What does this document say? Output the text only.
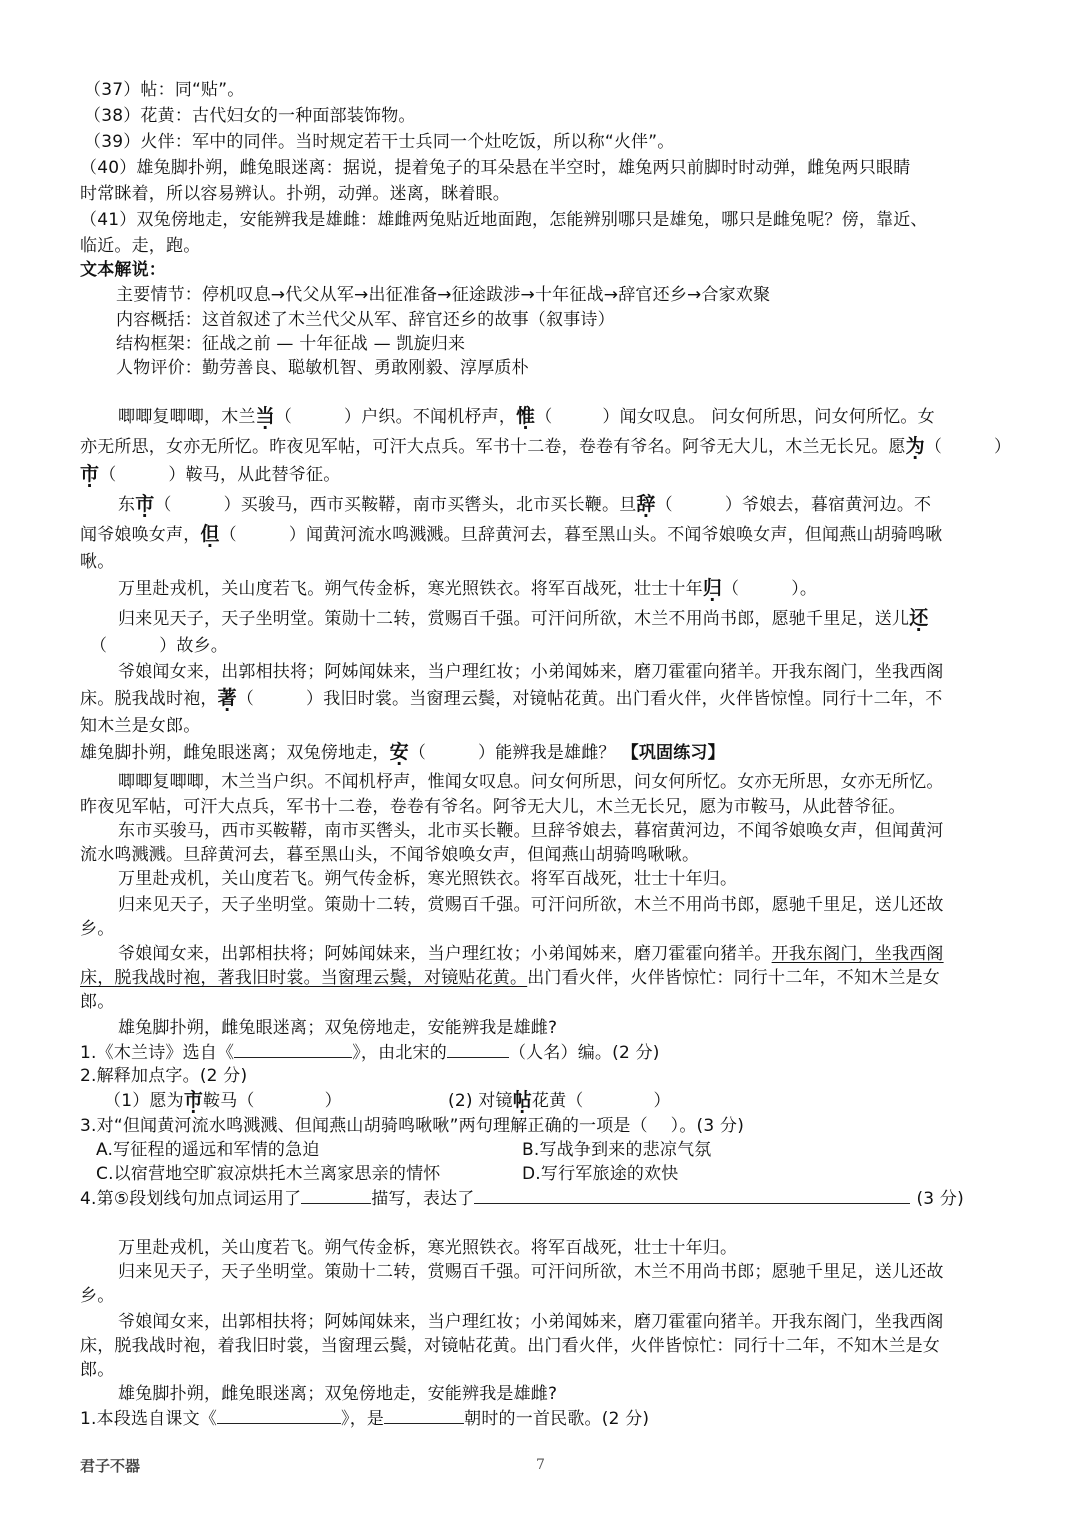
（37）帖：同“贴”。
（38）花黄：古代妇女的一种面部装饰物。
（39）火伴：军中的同伴。当时规定若干士兵同一个灶吃饭，所以称“火伴”。
（40）雄兔脚扑朔，雌兔眼迷离：据说，提着兔子的耳朵悬在半空时，雄兔两只前脚时时动弹，雌兔两只眼睛
时常眯着，所以容易辨认。扑朔，动弹。迷离，眯着眼。
（41）双兔傍地走，安能辨我是雄雌：雄雌两兔贴近地面跑，怎能辨别哪只是雄兔，哪只是雌兔呢？傍，靠近、
临近。走，跑。
文本解说：
主要情节：停机叹息→代父从军→出征准备→征途跋涉→十年征战→辞官还乡→合家欢聚
内容概括：这首叙述了木兰代父从军、辞官还乡的故事（叙事诗）
结构框架：征战之前 — 十年征战 — 凯旋归来
人物评价：勤劳善良、聪敏机智、勇敢刚毅、淳厚质朴
唧唧复唧唧，木兰当（	）户织。不闻机杼声，惟（	）闻女叹息。 问女何所思，问女何所忆。女
亦无所思，女亦无所忆。昨夜见军帖，可汗大点兵。军书十二卷，卷卷有爷名。阿爷无大儿，木兰无长兄。愿为（	）
市（	）鞍马，从此替爷征。
东市（	）买骏马，西市买鞍鞯，南市买辔头，北市买长鞭。旦辞（	）爷娘去，暮宿黄河边。不
闻爷娘唤女声，但（	）闻黄河流水鸣溅溅。旦辞黄河去，暮至黑山头。不闻爷娘唤女声，但闻燕山胡骑鸣啾
啾。
万里赴戎机，关山度若飞。朔气传金柝，寒光照铁衣。将军百战死，壮士十年归（	）。
归来见天子，天子坐明堂。策勋十二转，赏赐百千强。可汗问所欲，木兰不用尚书郎，愿驰千里足，送儿还
（	）故乡。
爷娘闻女来，出郭相扶将；阿姊闻妹来，当户理红妆；小弟闻姊来，磨刀霍霍向猪羊。开我东阁门，坐我西阁
床。脱我战时袍，著（	）我旧时裳。当窗理云鬓，对镜帖花黄。出门看火伴，火伴皆惊惶。同行十二年，不
知木兰是女郎。
雄兔脚扑朔，雌兔眼迷离；双兔傍地走，安（	）能辨我是雄雌？ 【巩固练习】
唧唧复唧唧，木兰当户织。不闻机杼声，惟闻女叹息。问女何所思，问女何所忆。女亦无所思，女亦无所忆。
昨夜见军帖，可汗大点兵，军书十二卷，卷卷有爷名。阿爷无大儿，木兰无长兄，愿为市鞍马，从此替爷征。
东市买骏马，西市买鞍鞯，南市买辔头，北市买长鞭。旦辞爷娘去，暮宿黄河边，不闻爷娘唤女声，但闻黄河
流水鸣溅溅。旦辞黄河去，暮至黑山头，不闻爷娘唤女声，但闻燕山胡骑鸣啾啾。
万里赴戎机，关山度若飞。朔气传金柝，寒光照铁衣。将军百战死，壮士十年归。
归来见天子，天子坐明堂。策勋十二转，赏赐百千强。可汗问所欲，木兰不用尚书郎，愿驰千里足，送儿还故
乡。
爷娘闻女来，出郭相扶将；阿姊闻妹来，当户理红妆；小弟闻姊来，磨刀霍霍向猪羊。开我东阁门，坐我西阁
床，脱我战时袍，著我旧时裳。当窗理云鬓，对镜贴花黄。出门看火伴，火伴皆惊忙：同行十二年，不知木兰是女
郎。
雄兔脚扑朔，雌兔眼迷离；双兔傍地走，安能辨我是雄雌?
1.《木兰诗》选自《	》，由北宋的	（人名）编。(2 分)
2.解释加点字。(2 分)
（1）愿为市鞍马（	）	(2) 对镜帖花黄（	）
3.对“但闻黄河流水鸣溅溅、但闻燕山胡骑鸣啾啾”两句理解正确的一项是（　 ）。(3 分)
A.写征程的遥远和军情的急迫	B.写战争到来的悲凉气氛
C.以宿营地空旷寂凉烘托木兰离家思亲的情怀	D.写行军旅途的欢快
4.第⑤段划线句加点词运用了	描写，表达了	(3 分)
万里赴戎机，关山度若飞。朔气传金柝，寒光照铁衣。将军百战死，壮士十年归。
归来见天子，天子坐明堂。策勋十二转，赏赐百千强。可汗问所欲，木兰不用尚书郎；愿驰千里足，送儿还故
乡。
爷娘闻女来，出郭相扶将；阿姊闻妹来，当户理红妆；小弟闻姊来，磨刀霍霍向猪羊。开我东阁门，坐我西阁
床，脱我战时袍，着我旧时裳，当窗理云鬓，对镜帖花黄。出门看火伴，火伴皆惊忙：同行十二年，不知木兰是女
郎。
雄兔脚扑朔，雌兔眼迷离；双兔傍地走，安能辨我是雄雌?
1.本段选自课文《	》，是	朝时的一首民歌。(2 分)
君子不器	7
